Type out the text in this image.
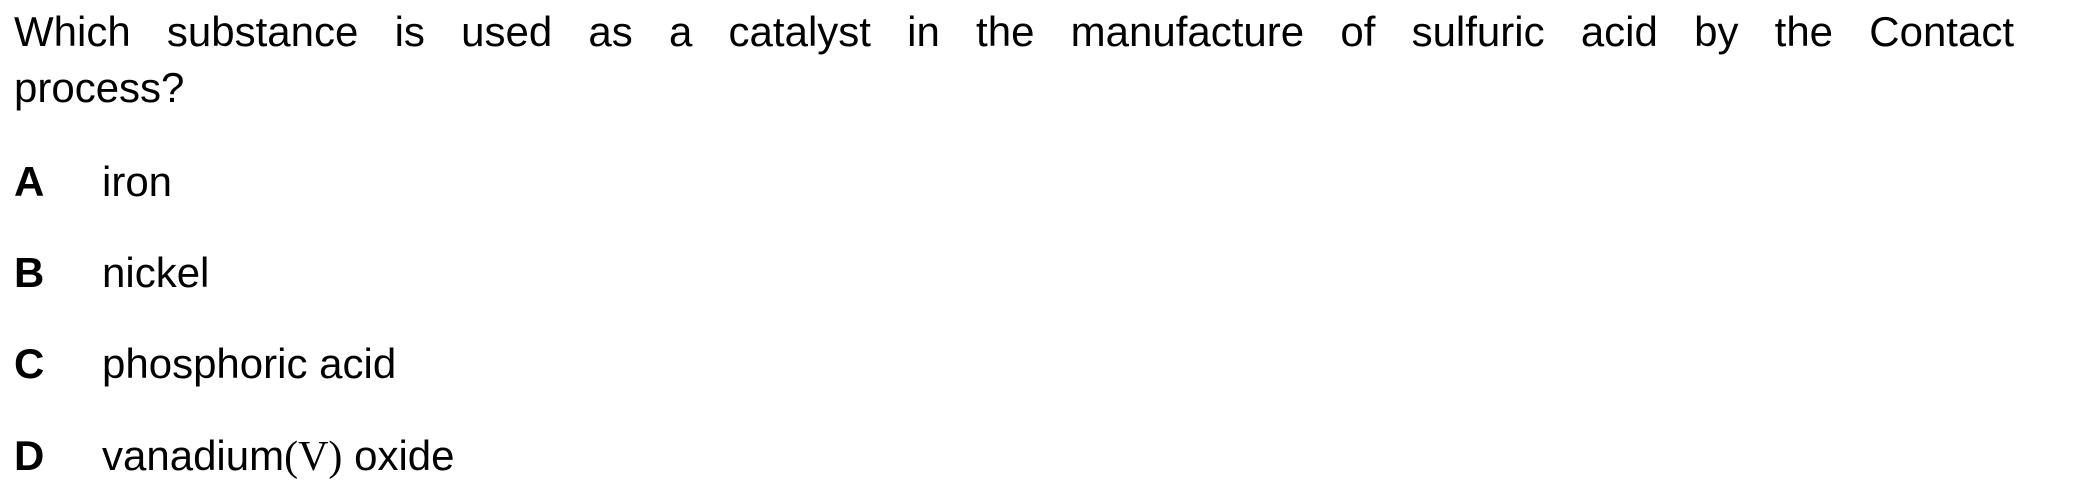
Which substance is used as a catalyst in the manufacture of sulfuric acid by the Contact
process?
A	iron
B	nickel
C	phosphoric acid
D	vanadium(V) oxide
